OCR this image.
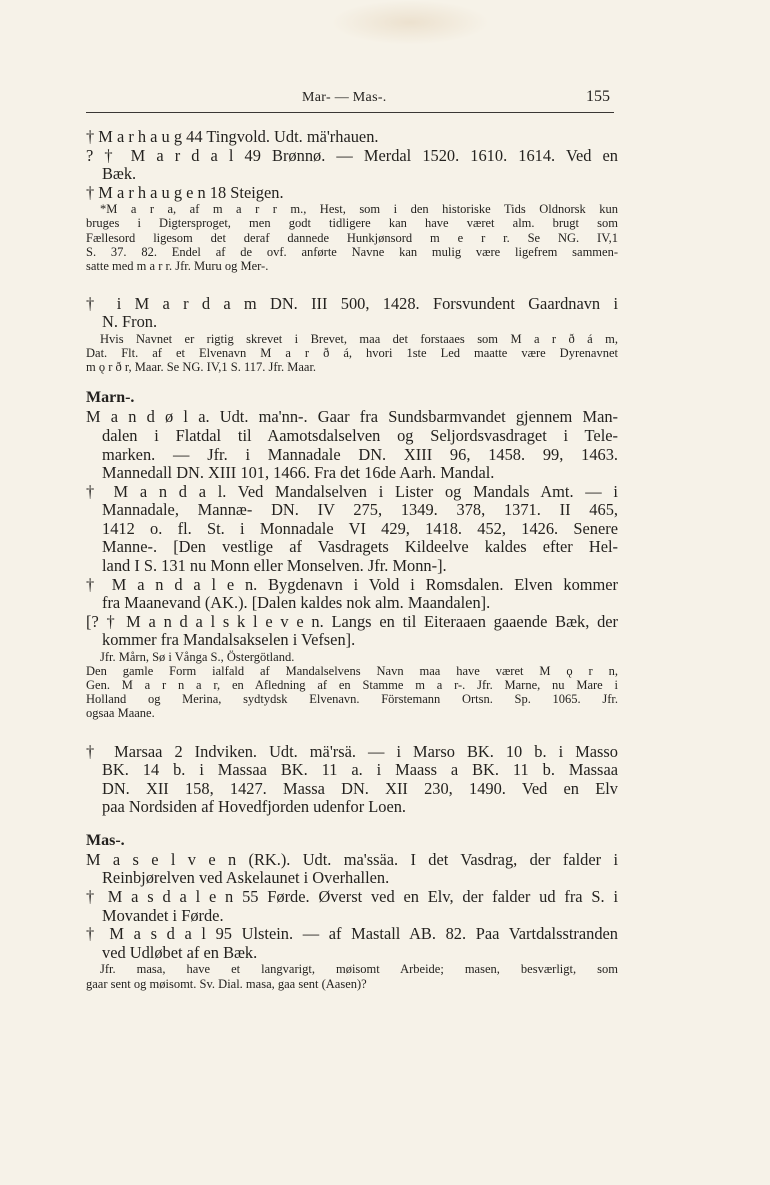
Mar- — Mas-.	155
† M a r h a u g 44 Tingvold. Udt. mä'rhauen.
? † M a r d a l 49 Brønnø. — Merdal 1520. 1610. 1614. Ved en
Bæk.
† M a r h a u g e n 18 Steigen.
*M a r a, af m a r r m., Hest, som i den historiske Tids Oldnorsk kun
bruges i Digtersproget, men godt tidligere kan have været alm. brugt som
Fællesord ligesom det deraf dannede Hunkjønsord m e r r. Se NG. IV,1
S. 37. 82. Endel af de ovf. anførte Navne kan mulig være ligefrem sammen-
satte med m a r r. Jfr. Muru og Mer-.
† i M a r d a m DN. III 500, 1428. Forsvundent Gaardnavn i
N. Fron.
Hvis Navnet er rigtig skrevet i Brevet, maa det forstaaes som M a r ð á m,
Dat. Flt. af et Elvenavn M a r ð á, hvori 1ste Led maatte være Dyrenavnet
m ǫ r ð r, Maar. Se NG. IV,1 S. 117. Jfr. Maar.
Marn-.
M a n d ø l a. Udt. ma'nn-. Gaar fra Sundsbarmvandet gjennem Man-
dalen i Flatdal til Aamotsdalselven og Seljordsvasdraget i Tele-
marken. — Jfr. i Mannadale DN. XIII 96, 1458. 99, 1463.
Mannedall DN. XIII 101, 1466. Fra det 16de Aarh. Mandal.
† M a n d a l. Ved Mandalselven i Lister og Mandals Amt. — i
Mannadale, Mannæ- DN. IV 275, 1349. 378, 1371. II 465,
1412 o. fl. St. i Monnadale VI 429, 1418. 452, 1426. Senere
Manne-. [Den vestlige af Vasdragets Kildeelve kaldes efter Hel-
land I S. 131 nu Monn eller Monselven. Jfr. Monn-].
† M a n d a l e n. Bygdenavn i Vold i Romsdalen. Elven kommer
fra Maanevand (AK.). [Dalen kaldes nok alm. Maandalen].
[? † M a n d a l s k l e v e n. Langs en til Eiteraaen gaaende Bæk, der
kommer fra Mandalsakselen i Vefsen].
Jfr. Mårn, Sø i Vånga S., Östergötland.
Den gamle Form ialfald af Mandalselvens Navn maa have været M ǫ r n,
Gen. M a r n a r, en Afledning af en Stamme m a r-. Jfr. Marne, nu Mare i
Holland og Merina, sydtydsk Elvenavn. Förstemann Ortsn. Sp. 1065. Jfr.
ogsaa Maane.
† Marsaa 2 Indviken. Udt. mä'rsä. — i Marso BK. 10 b. i Masso
BK. 14 b. i Massaa BK. 11 a. i Maass a BK. 11 b. Massaa
DN. XII 158, 1427. Massa DN. XII 230, 1490. Ved en Elv
paa Nordsiden af Hovedfjorden udenfor Loen.
Mas-.
M a s e l v e n (RK.). Udt. ma'ssäa. I det Vasdrag, der falder i
Reinbjørelven ved Askelaunet i Overhallen.
† M a s d a l e n 55 Førde. Øverst ved en Elv, der falder ud fra S. i
Movandet i Førde.
† M a s d a l 95 Ulstein. — af Mastall AB. 82. Paa Vartdalsstranden
ved Udløbet af en Bæk.
Jfr. masa, have et langvarigt, møisomt Arbeide; masen, besværligt, som
gaar sent og møisomt. Sv. Dial. masa, gaa sent (Aasen)?
